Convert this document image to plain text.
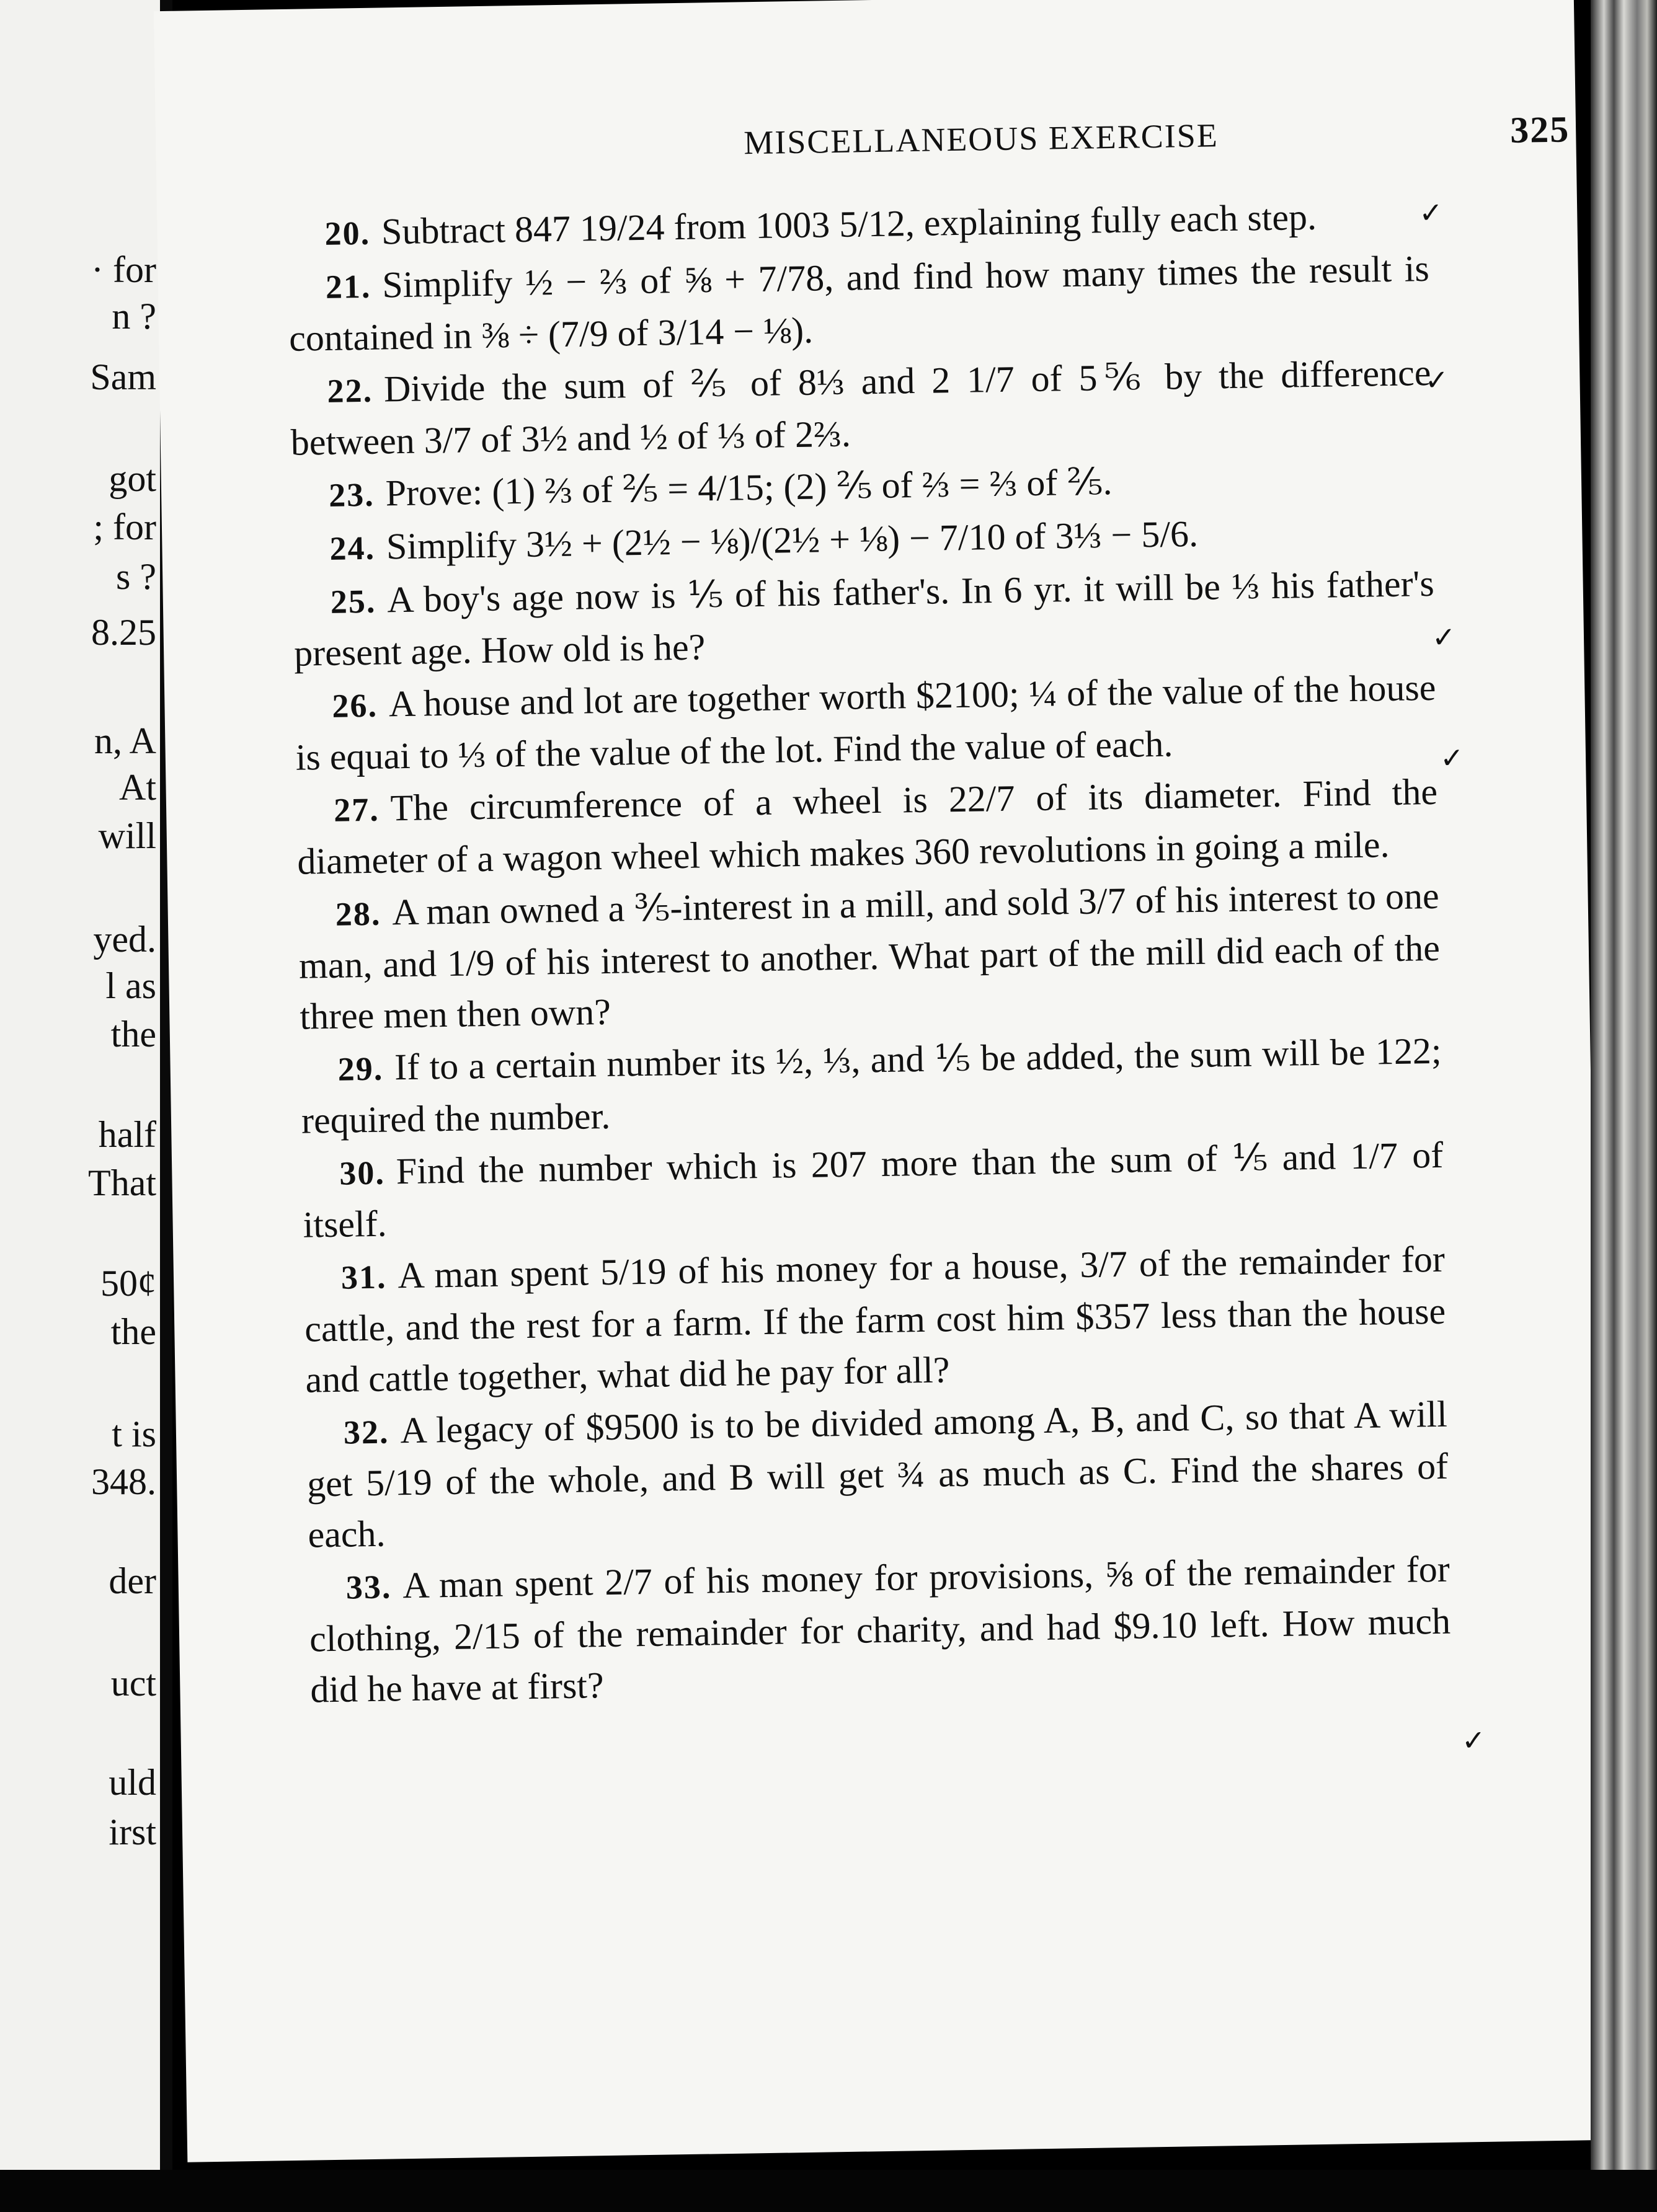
· for
n ?
Sam
got
; for
s ?
8.25
n, A
At
will
yed.
l as
the
half
That
50¢
the
t is
348.
der
uct
uld
irst
MISCELLANEOUS EXERCISE	325

20. Subtract 847 19/24 from 1003 5/12, explaining fully each step.

21. Simplify ½ − ⅔ of ⅝ + 7/78, and find how many times the result is contained in ⅜ ÷ (7/9 of 3/14 − ⅛).

22. Divide the sum of ⅖ of 8⅓ and 2 1/7 of 5⅚ by the difference between 3/7 of 3½ and ½ of ⅓ of 2⅔.

23. Prove: (1) ⅔ of ⅖ = 4/15; (2) ⅖ of ⅔ = ⅔ of ⅖.

24. Simplify 3½ + (2½ − ⅛)/(2½ + ⅛) − 7/10 of 3⅓ − 5/6.

25. A boy's age now is ⅕ of his father's. In 6 yr. it will be ⅓ his father's present age. How old is he?

26. A house and lot are together worth $2100; ¼ of the value of the house is equai to ⅓ of the value of the lot. Find the value of each.

27. The circumference of a wheel is 22/7 of its diameter. Find the diameter of a wagon wheel which makes 360 revolutions in going a mile.

28. A man owned a ⅗-interest in a mill, and sold 3/7 of his interest to one man, and 1/9 of his interest to another. What part of the mill did each of the three men then own?

29. If to a certain number its ½, ⅓, and ⅕ be added, the sum will be 122; required the number.

30. Find the number which is 207 more than the sum of ⅕ and 1/7 of itself.

31. A man spent 5/19 of his money for a house, 3/7 of the remainder for cattle, and the rest for a farm. If the farm cost him $357 less than the house and cattle together, what did he pay for all?

32. A legacy of $9500 is to be divided among A, B, and C, so that A will get 5/19 of the whole, and B will get ¾ as much as C. Find the shares of each.

33. A man spent 2/7 of his money for provisions, ⅝ of the remainder for clothing, 2/15 of the remainder for charity, and had $9.10 left. How much did he have at first?

✓
✓
✓
✓
✓
